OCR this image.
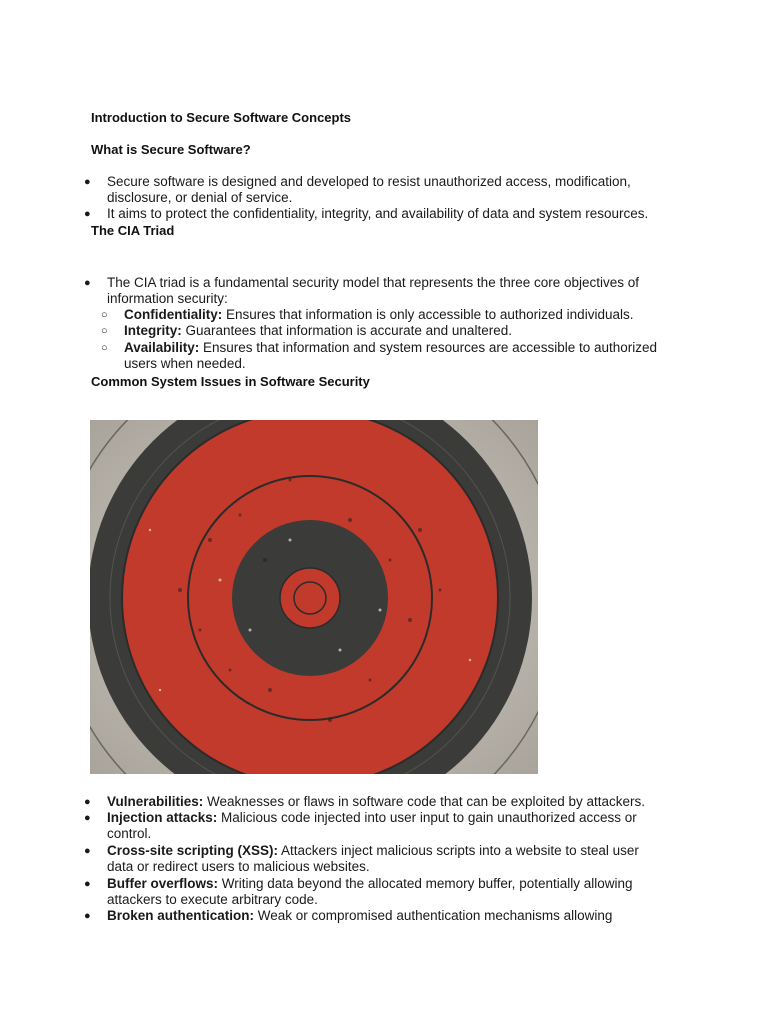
Introduction to Secure Software Concepts
What is Secure Software?
●	Secure software is designed and developed to resist unauthorized access, modification,
disclosure, or denial of service.
●	It aims to protect the confidentiality, integrity, and availability of data and system resources.
The CIA Triad
●	The CIA triad is a fundamental security model that represents the three core objectives of
information security:
○	Confidentiality: Ensures that information is only accessible to authorized individuals.
○	Integrity: Guarantees that information is accurate and unaltered.
○	Availability: Ensures that information and system resources are accessible to authorized
users when needed.
Common System Issues in Software Security
●	Vulnerabilities: Weaknesses or flaws in software code that can be exploited by attackers.
●	Injection attacks: Malicious code injected into user input to gain unauthorized access or
control.
●	Cross-site scripting (XSS): Attackers inject malicious scripts into a website to steal user
data or redirect users to malicious websites.
●	Buffer overflows: Writing data beyond the allocated memory buffer, potentially allowing
attackers to execute arbitrary code.
●	Broken authentication: Weak or compromised authentication mechanisms allowing
